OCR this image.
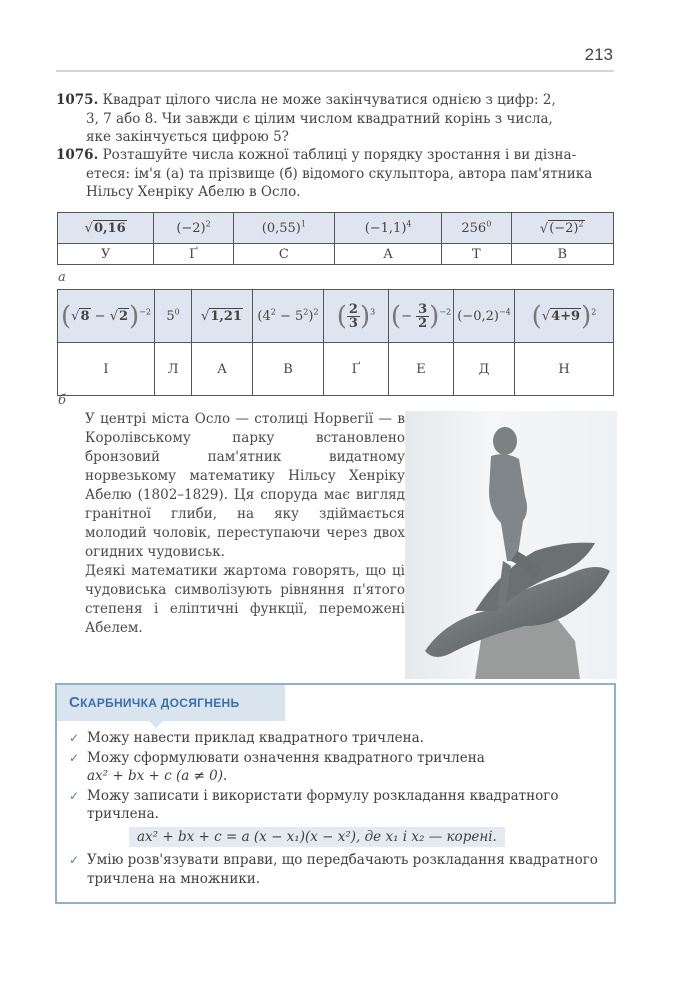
213
1075. Квадрат цілого числа не може закінчуватися однією з цифр: 2,
3, 7 або 8. Чи завжди є цілим числом квадратний корінь з числа,
яке закінчується цифрою 5?
1076. Розташуйте числа кожної таблиці у порядку зростання і ви дізна-
етеся: ім'я (а) та прізвище (б) відомого скульптора, автора пам'ятника
Нільсу Хенріку Абелю в Осло.
√0,16	$(-2)^2$	$(0,55)^1$	$(-1,1)^4$	$256^0$	$√(-2)^2$
У	Ґ	С	А	Т	В
а
$(√8 - √2)^{-2}$	$5^0$	√1,21	$(4^2 - 5^2)^2$	( $\frac{2}{3} )^3$	(− $\frac{3}{2} )^{-2}$	$(-0,2)^{-4}$	$(√4+9)^2$
І	Л	А	В	Ґ	Е	Д	Н
б
У центрі міста Осло — столиці Норвегії — в Королівському парку встановлено бронзовий пам'ятник видатному норвезькому математику Нільсу Хенріку Абелю (1802–1829). Ця споруда має вигляд гранітної глиби, на яку здіймається молодий чоловік, переступаючи через двох огидних чудовиськ.
Деякі математики жартома говорять, що ці чудовиська символізують рівняння п'ятого степеня і еліптичні функції, переможені Абелем.
СКАРБНИЧКА ДОСЯГНЕНЬ
✓ Можу навести приклад квадратного тричлена.
✓ Можу сформулювати означення квадратного тричлена
ax² + bx + c (a ≠ 0).
✓ Можу записати і використати формулу розкладання квадратного тричлена.
ax² + bx + c = a (x − x₁)(x − x²), де x₁ і x₂ — корені.
✓ Умію розв'язувати вправи, що передбачають розкладання квадратного тричлена на множники.
